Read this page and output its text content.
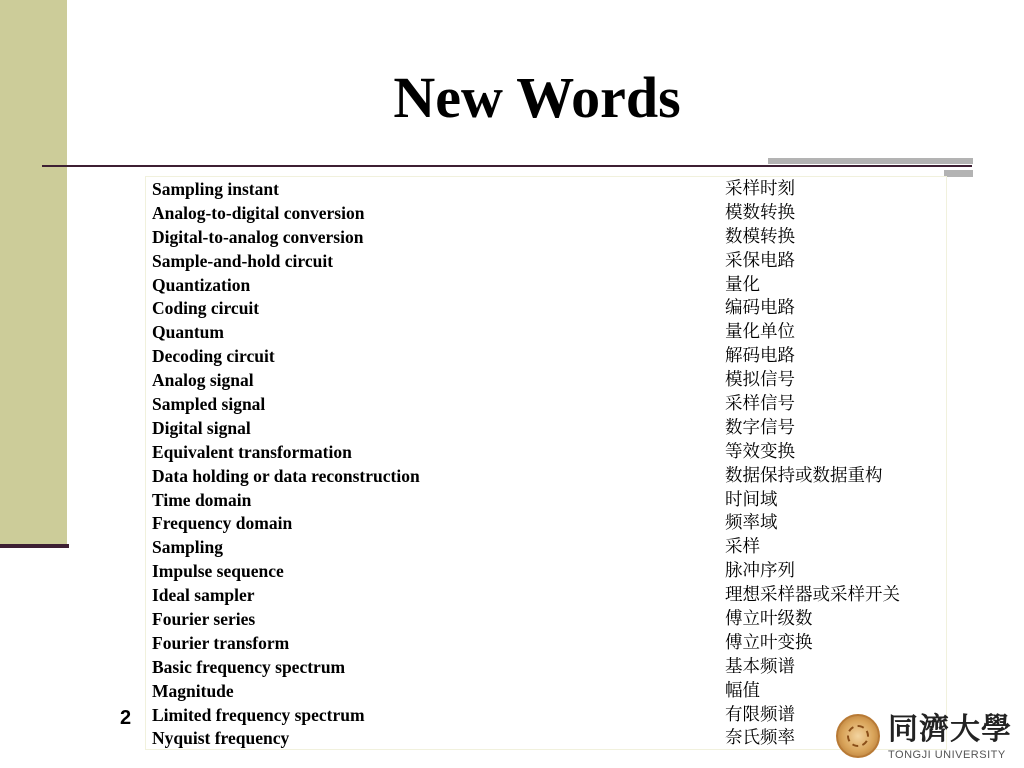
New Words
Sampling instant	采样时刻
Analog-to-digital conversion	模数转换
Digital-to-analog conversion	数模转换
Sample-and-hold circuit	采保电路
Quantization	量化
Coding circuit	编码电路
Quantum	量化单位
Decoding circuit	解码电路
Analog signal	模拟信号
Sampled signal	采样信号
Digital signal	数字信号
Equivalent transformation	等效变换
Data holding or data reconstruction	数据保持或数据重构
Time domain	时间域
Frequency domain	频率域
Sampling	采样
Impulse sequence	脉冲序列
Ideal sampler	理想采样器或采样开关
Fourier series	傅立叶级数
Fourier transform	傅立叶变换
Basic frequency spectrum	基本频谱
Magnitude	幅值
Limited frequency spectrum	有限频谱
Nyquist frequency	奈氏频率
2	同濟大學
TONGJI UNIVERSITY
